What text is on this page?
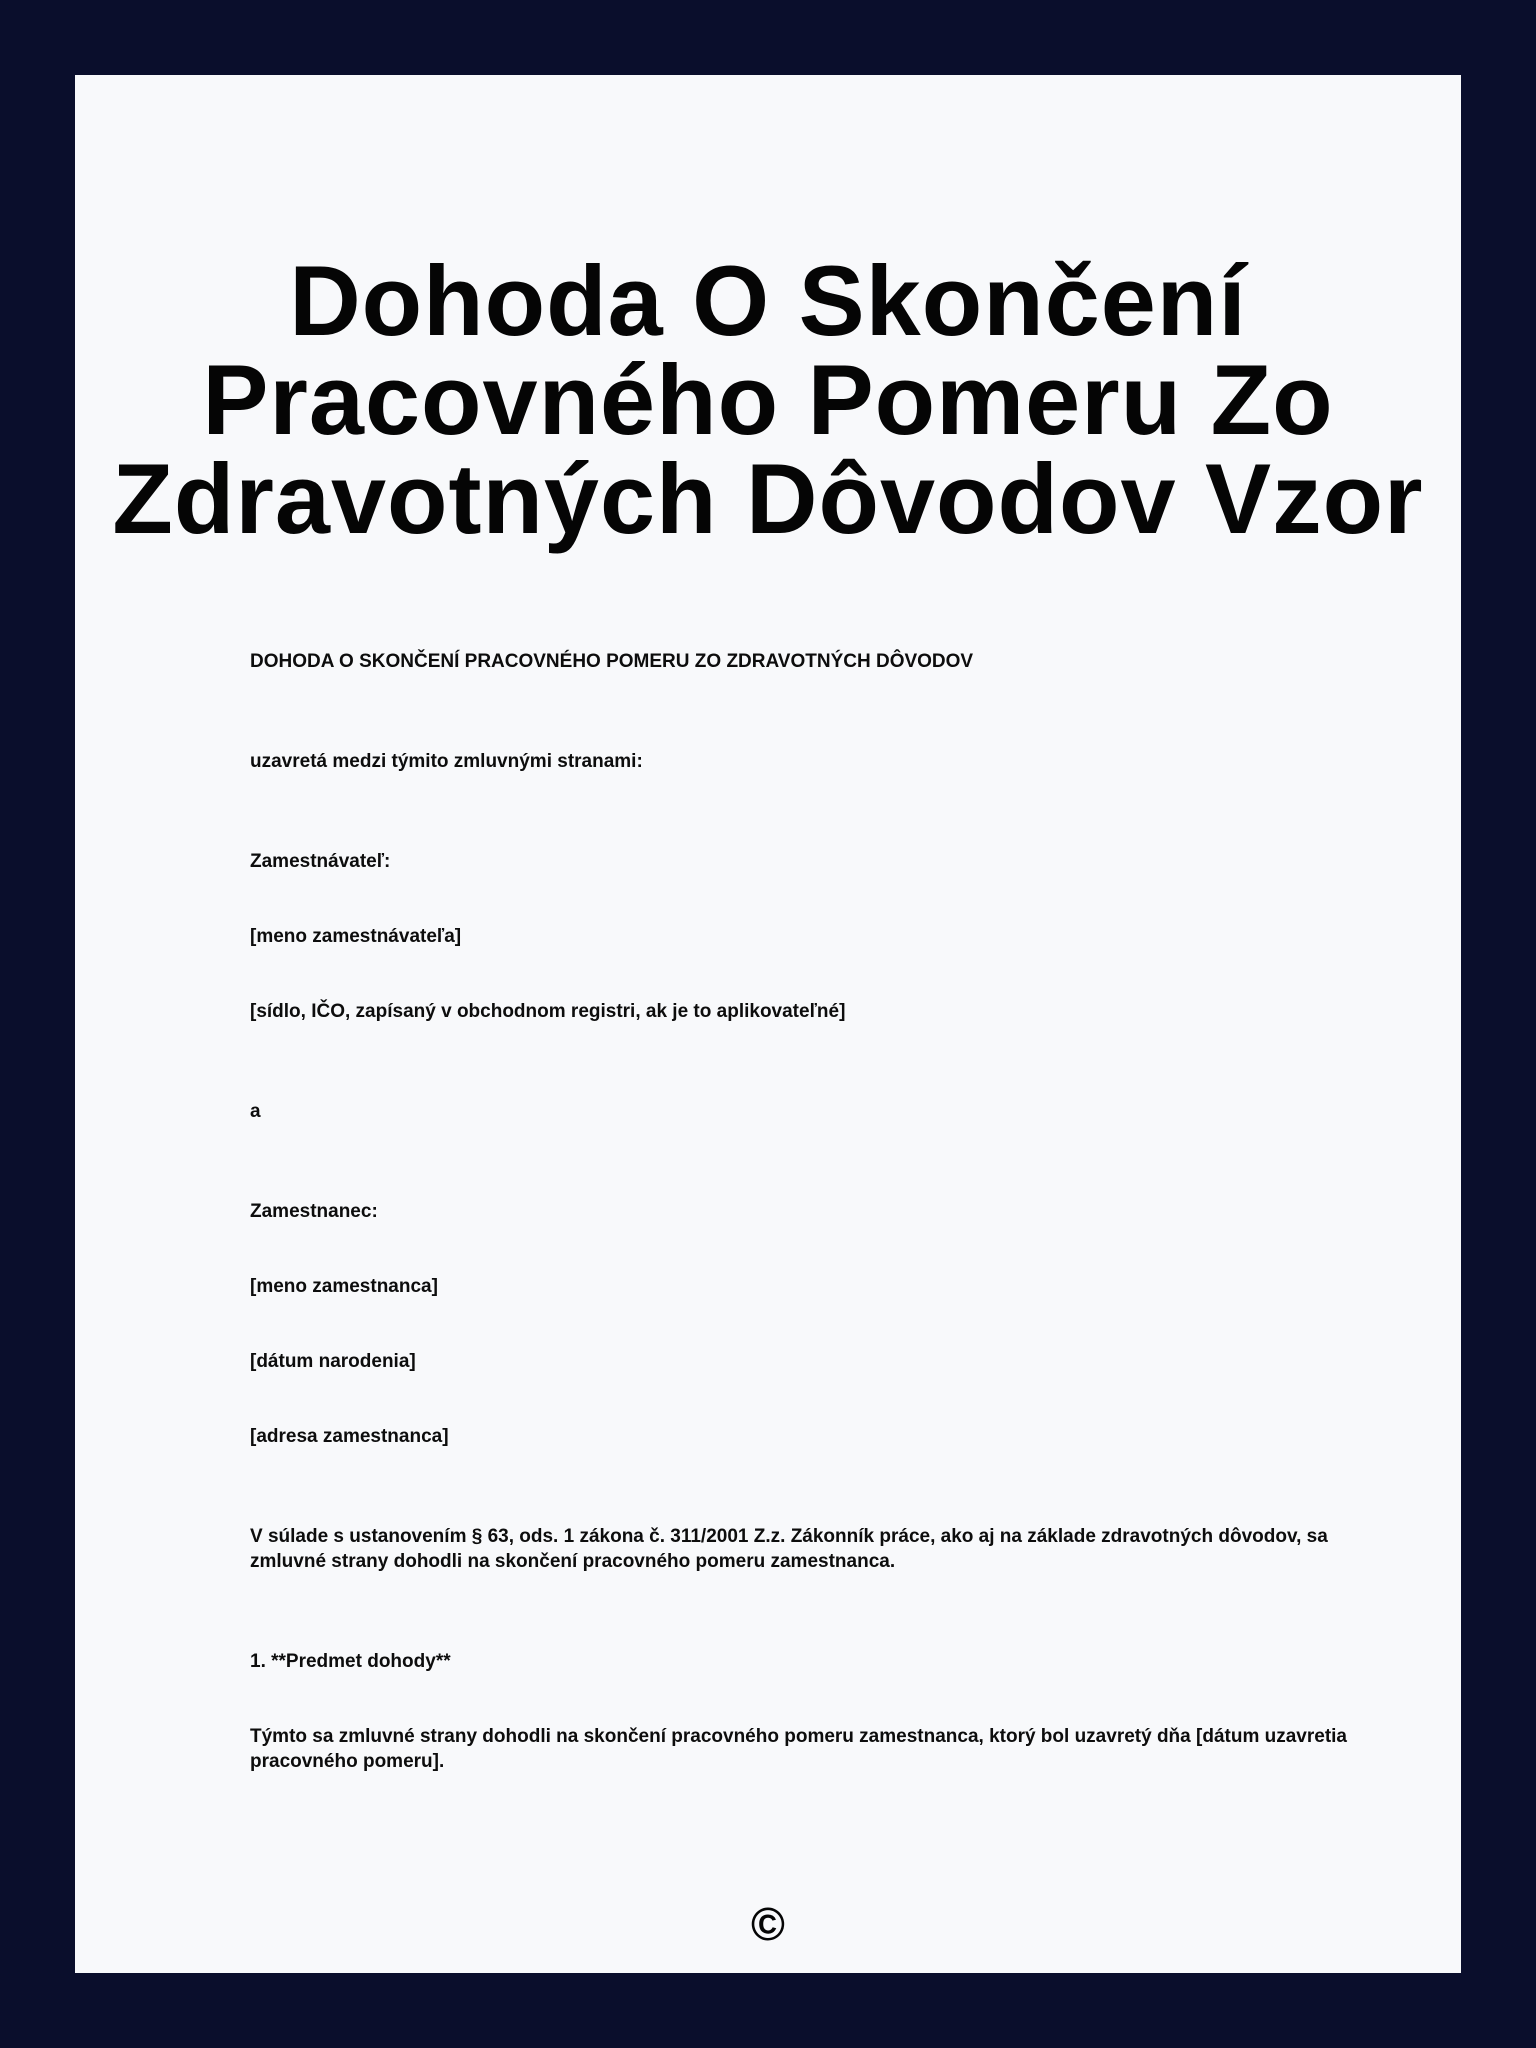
Dohoda O Skončení Pracovného Pomeru Zo Zdravotných Dôvodov Vzor

DOHODA O SKONČENÍ PRACOVNÉHO POMERU ZO ZDRAVOTNÝCH DÔVODOV

uzavretá medzi týmito zmluvnými stranami:

Zamestnávateľ:

[meno zamestnávateľa]

[sídlo, IČO, zapísaný v obchodnom registri, ak je to aplikovateľné]

a

Zamestnanec:

[meno zamestnanca]

[dátum narodenia]

[adresa zamestnanca]

V súlade s ustanovením § 63, ods. 1 zákona č. 311/2001 Z.z. Zákonník práce, ako aj na základe zdravotných dôvodov, sa zmluvné strany dohodli na skončení pracovného pomeru zamestnanca.

1. **Predmet dohody**

Týmto sa zmluvné strany dohodli na skončení pracovného pomeru zamestnanca, ktorý bol uzavretý dňa [dátum uzavretia pracovného pomeru].

©
